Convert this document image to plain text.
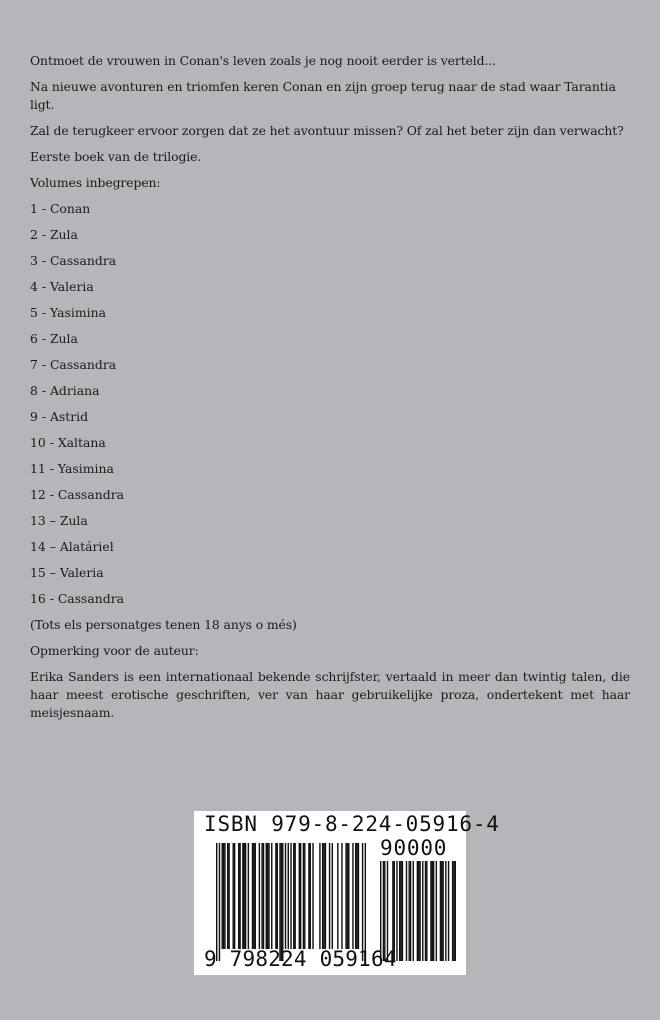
Ontmoet de vrouwen in Conan's leven zoals je nog nooit eerder is verteld...

Na nieuwe avonturen en triomfen keren Conan en zijn groep terug naar de stad waar Tarantia ligt.

Zal de terugkeer ervoor zorgen dat ze het avontuur missen? Of zal het beter zijn dan verwacht?

Eerste boek van de trilogie.

Volumes inbegrepen:

1 - Conan
2 - Zula
3 - Cassandra
4 - Valeria
5 - Yasimina
6 - Zula
7 - Cassandra
8 - Adriana
9 - Astrid
10 - Xaltana
11 - Yasimina
12 - Cassandra
13 – Zula
14 – Alatáriel
15 – Valeria
16 - Cassandra

(Tots els personatges tenen 18 anys o més)

Opmerking voor de auteur:

Erika Sanders is een internationaal bekende schrijfster, vertaald in meer dan twintig talen, die haar meest erotische geschriften, ver van haar gebruikelijke proza, ondertekent met haar meisjesnaam.

ISBN 979-8-224-05916-4
90000
9 798224 059164
